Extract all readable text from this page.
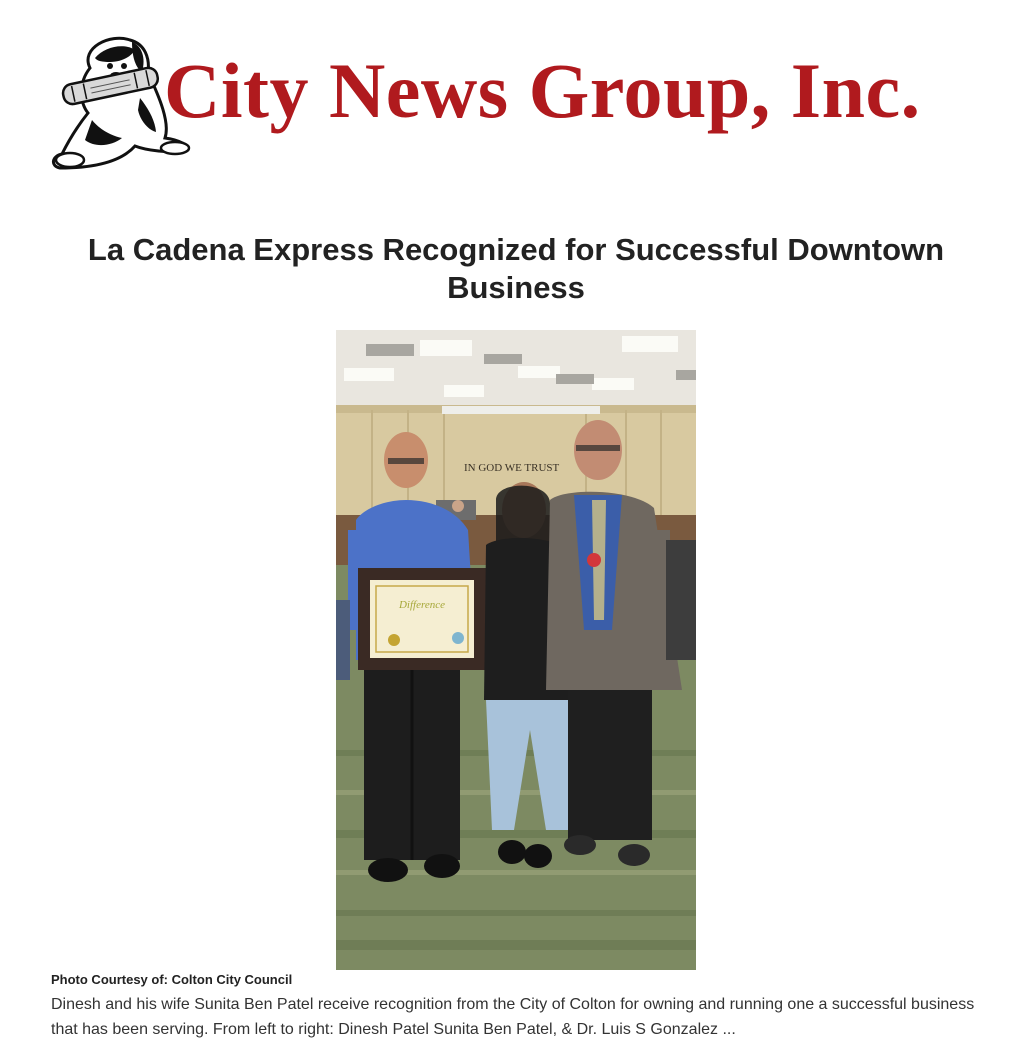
City News Group, Inc.
La Cadena Express Recognized for Successful Downtown Business
IN GOD WE TRUST
Difference
Photo Courtesy of: Colton City Council

Dinesh and his wife Sunita Ben Patel receive recognition from the City of Colton for owning and running one a successful business that has been serving. From left to right: Dinesh Patel Sunita Ben Patel, & Dr. Luis S Gonzalez ...
